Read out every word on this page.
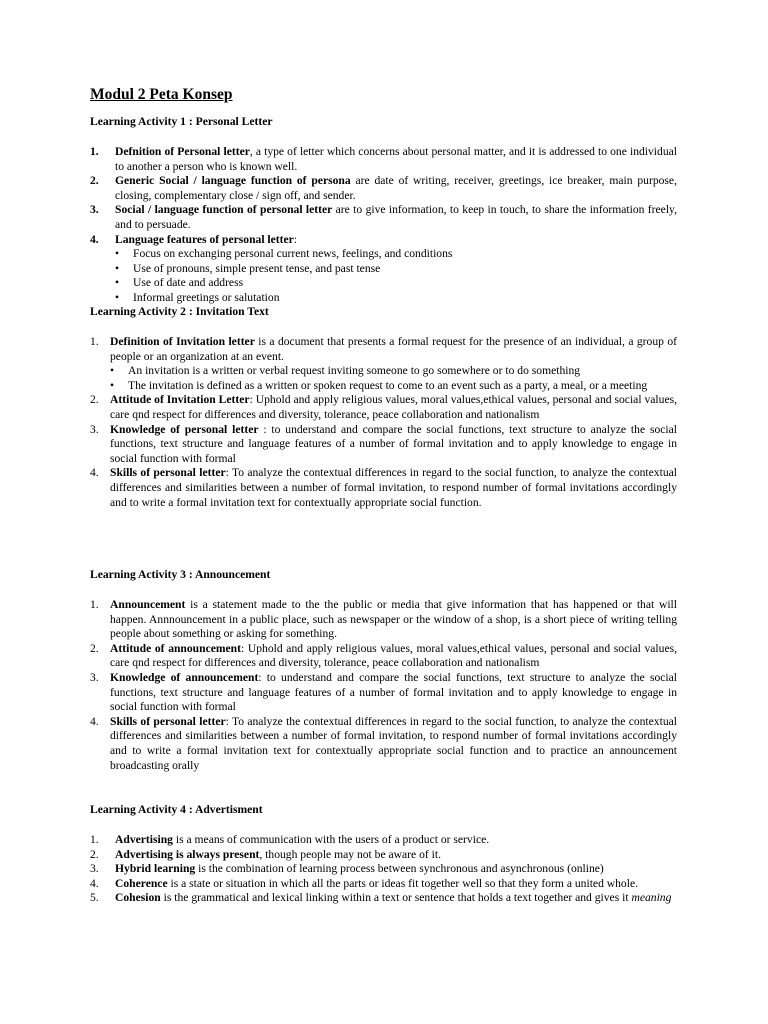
Modul 2 Peta Konsep
Learning Activity 1 : Personal Letter
1. Defnition of Personal letter, a type of letter which concerns about personal matter, and it is addressed to one individual to another a person who is known well.
2. Generic Social / language function of persona are date of writing, receiver, greetings, ice breaker, main purpose, closing, complementary close / sign off, and sender.
3. Social / language function of personal letter are to give information, to keep in touch, to share the information freely, and to persuade.
4. Language features of personal letter:
• Focus on exchanging personal current news, feelings, and conditions
• Use of pronouns, simple present tense, and past tense
• Use of date and address
• Informal greetings or salutation
Learning Activity 2 : Invitation Text
1. Definition of Invitation letter is a document that presents a formal request for the presence of an individual, a group of people or an organization at an event.
• An invitation is a written or verbal request inviting someone to go somewhere or to do something
• The invitation is defined as a written or spoken request to come to an event such as a party, a meal, or a meeting
2. Attitude of Invitation Letter: Uphold and apply religious values, moral values,ethical values, personal and social values, care qnd respect for differences and diversity, tolerance, peace collaboration and nationalism
3. Knowledge of personal letter : to understand and compare the social functions, text structure to analyze the social functions, text structure and language features of a number of formal invitation and to apply knowledge to engage in social function with formal
4. Skills of personal letter: To analyze the contextual differences in regard to the social function, to analyze the contextual differences and similarities between a number of formal invitation, to respond number of formal invitations accordingly and to write a formal invitation text for contextually appropriate social function.
Learning Activity 3 : Announcement
1. Announcement is a statement made to the the public or media that give information that has happened or that will happen. Annnouncement in a public place, such as newspaper or the window of a shop, is a short piece of writing telling people about something or asking for something.
2. Attitude of announcement: Uphold and apply religious values, moral values,ethical values, personal and social values, care qnd respect for differences and diversity, tolerance, peace collaboration and nationalism
3. Knowledge of announcement: to understand and compare the social functions, text structure to analyze the social functions, text structure and language features of a number of formal invitation and to apply knowledge to engage in social function with formal
4. Skills of personal letter: To analyze the contextual differences in regard to the social function, to analyze the contextual differences and similarities between a number of formal invitation, to respond number of formal invitations accordingly and to write a formal invitation text for contextually appropriate social function and to practice an announcement broadcasting orally
Learning Activity 4 : Advertisment
1. Advertising is a means of communication with the users of a product or service.
2. Advertising is always present, though people may not be aware of it.
3. Hybrid learning is the combination of learning process between synchronous and asynchronous (online)
4. Coherence is a state or situation in which all the parts or ideas fit together well so that they form a united whole.
5. Cohesion is the grammatical and lexical linking within a text or sentence that holds a text together and gives it meaning
